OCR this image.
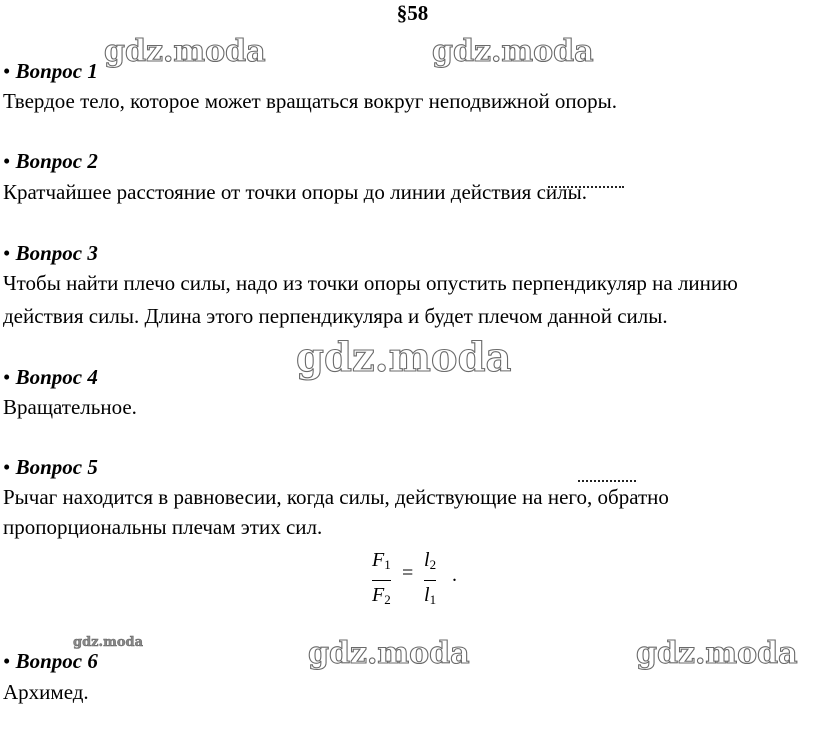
§58
gdz.moda	gdz.moda
gdz.moda
gdz.moda	gdz.moda	gdz.moda
• Вопрос 1
Твердое тело, которое может вращаться вокруг неподвижной опоры.
• Вопрос 2
Кратчайшее расстояние от точки опоры до линии действия силы.
• Вопрос 3
Чтобы найти плечо силы, надо из точки опоры опустить перпендикуляр на линию
действия силы. Длина этого перпендикуляра и будет плечом данной силы.
• Вопрос 4
Вращательное.
• Вопрос 5
Рычаг находится в равновесии, когда силы, действующие на него, обратно
пропорциональны плечам этих сил.
$F_1$
$F_2$
=
$l_2$
$l_1$
.
• Вопрос 6
Архимед.
